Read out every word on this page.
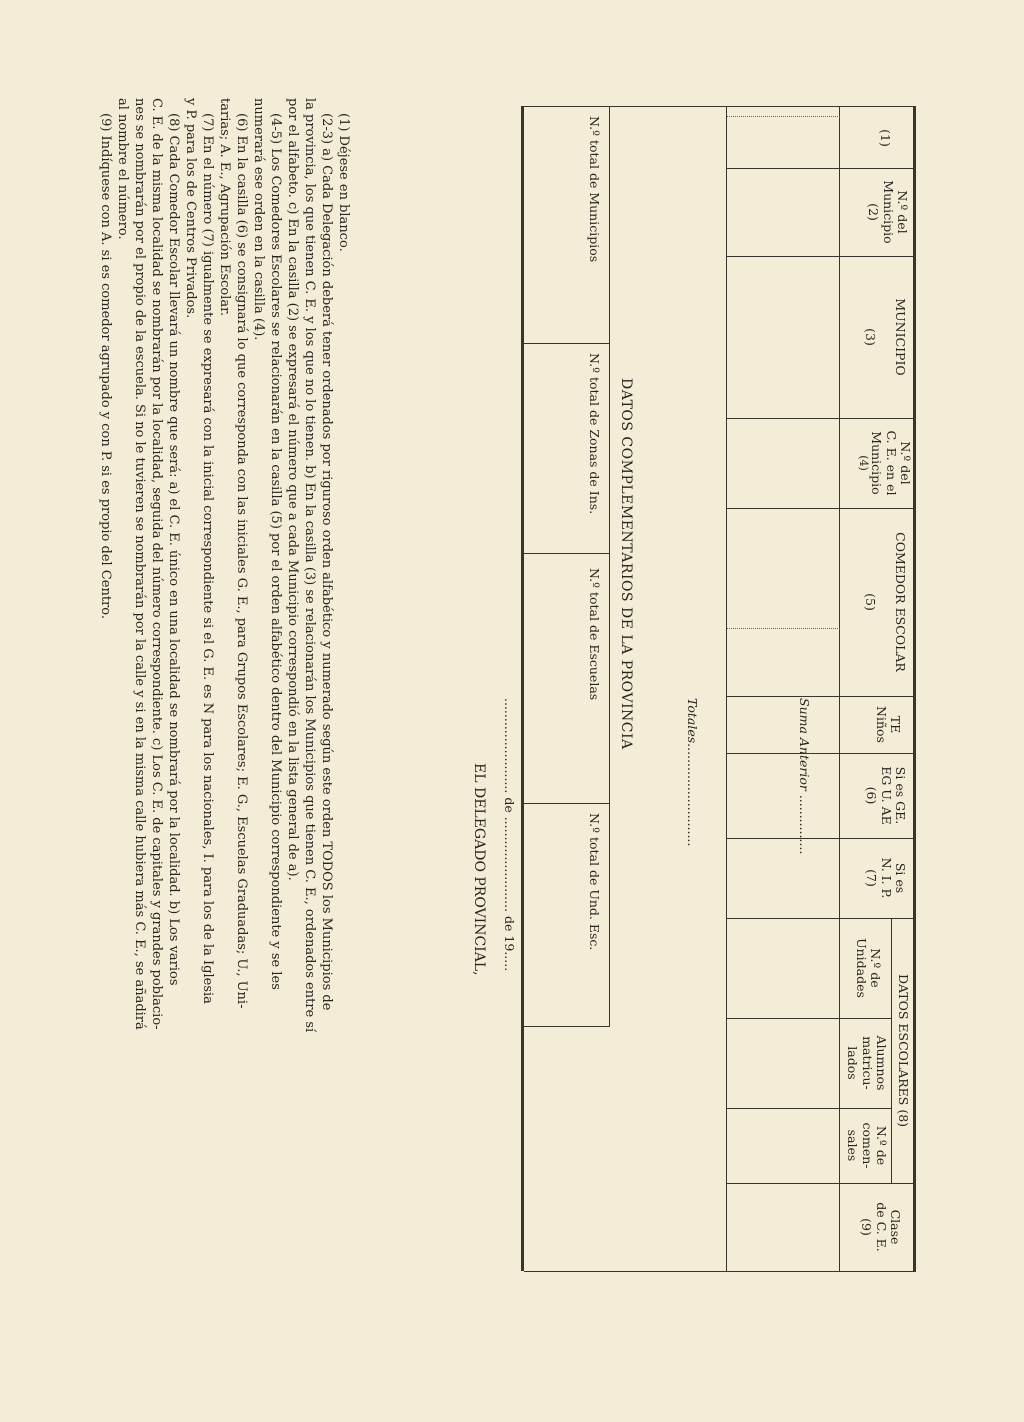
(1)
N.º del
Municipio
(2)
MUNICIPIO
(3)
N.º del
C. E. en el
Municipio
(4)
COMEDOR ESCOLAR
(5)
TE
Niños
Si es GE.
EG U. AE
(6)
Si es
N. I. P.
(7)
DATOS ESCOLARES (8)
N.º de
Unidades
Alumnos
matricu-
lados
N.º de
comen-
sales
Clase
de C. E.
(9)
Suma Anterior ...............
Totales..........................
DATOS COMPLEMENTARIOS DE LA PROVINCIA
N.º total de Municipios
N.º total de Zonas de Ins.
N.º total de Escuelas
N.º total de Und. Esc.
........................ de ........................ de 19.....
EL DELEGADO PROVINCIAL,
(1) Déjese en blanco.
(2-3) a) Cada Delegación deberá tener ordenados por riguroso orden alfabético y numerado según este orden TODOS los Municipios de
la provincia, los que tienen C. E. y los que no lo tienen. b) En la casilla (3) se relacionarán los Municipios que tienen C. E., ordenados entre sí
por el alfabeto. c) En la casilla (2) se expresará el número que a cada Municipio correspondió en la lista general de a).
(4-5) Los Comedores Escolares se relacionarán en la casilla (5) por el orden alfabético dentro del Municipio correspondiente y se les
numerará ese orden en la casilla (4).
(6) En la casilla (6) se consignará lo que corresponda con las iniciales G. E., para Grupos Escolares; E. G., Escuelas Graduadas; U., Uni-
tarias; A. E., Agrupación Escolar.
(7) En el número (7) igualmente se expresará con la inicial correspondiente si el G. E. es N para los nacionales, I. para los de la Iglesia
y P. para los de Centros Privados.
(8) Cada Comedor Escolar llevará un nombre que será: a) el C. E. único en una localidad se nombrará por la localidad. b) Los varios
C. E. de la misma localidad se nombrarán por la localidad, seguida del número correspondiente. c) Los C. E. de capitales y grandes poblacio-
nes se nombrarán por el propio de la escuela. Si no le tuvieren se nombrarán por la calle y si en la misma calle hubiera más C. E., se añadirá
al nombre el número.
(9) Indíquese con A. si es comedor agrupado y con P. si es propio del Centro.
